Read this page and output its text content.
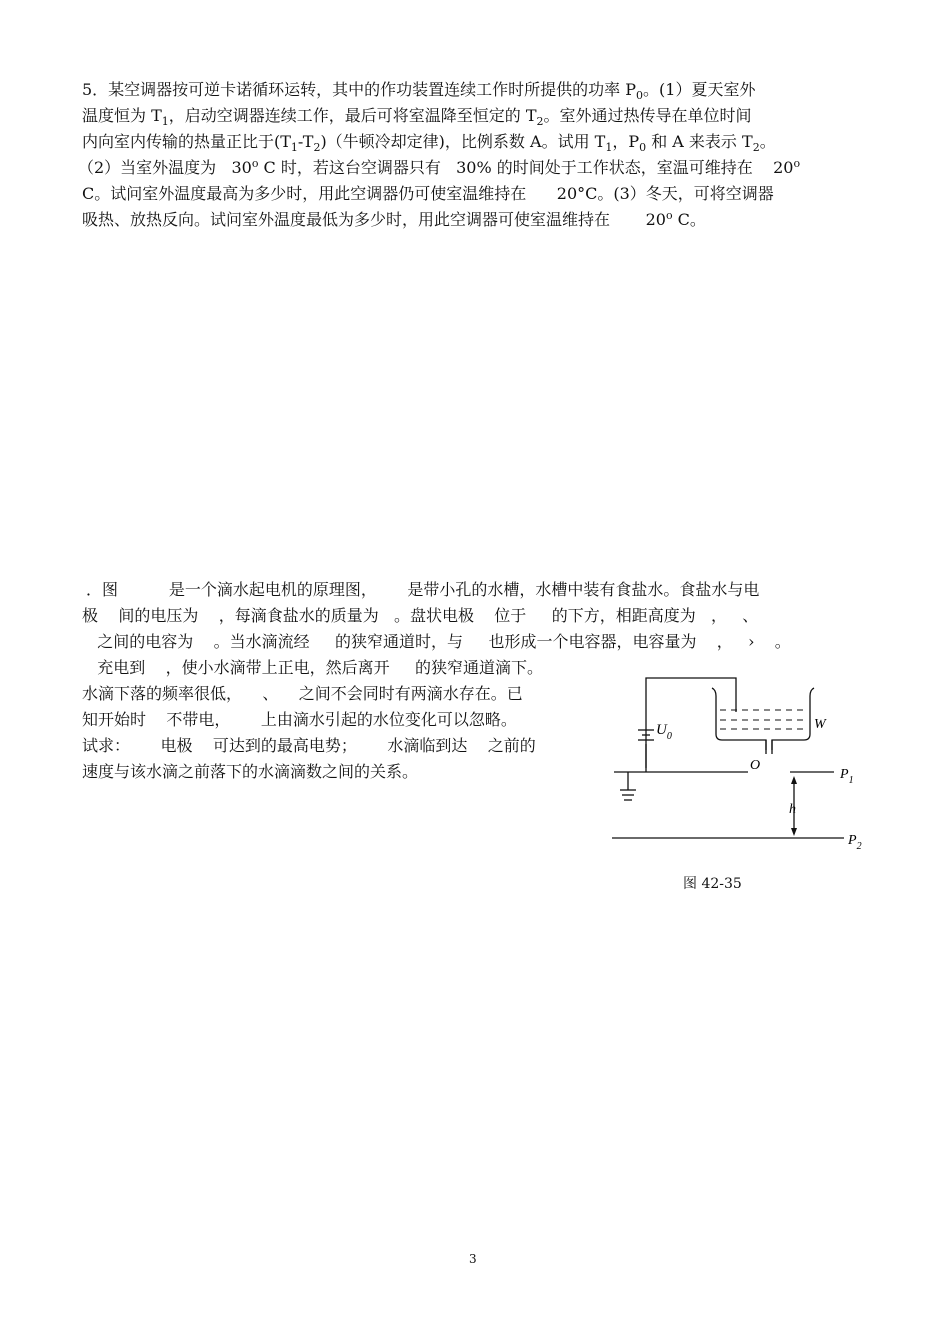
5．某空调器按可逆卡诺循环运转，其中的作功装置连续工作时所提供的功率 $P_0$。(1）夏天室外
温度恒为 $T_1$，启动空调器连续工作，最后可将室温降至恒定的 $T_2$。室外通过热传导在单位时间
内向室内传输的热量正比于$(T_1-T_2)$（牛顿冷却定律)，比例系数 A。试用 $T_1$，$P_0$ 和 A 来表示 $T_2$。
（2）当室外温度为   30$^o$ C 时，若这台空调器只有   30% 的时间处于工作状态，室温可维持在    20$^o$
C。试问室外温度最高为多少时，用此空调器仍可使室温维持在      20°C。(3）冬天，可将空调器
吸热、放热反向。试问室外温度最低为多少时，用此空调器可使室温维持在       20$^o$ C。
．图          是一个滴水起电机的原理图，      是带小孔的水槽，水槽中装有食盐水。食盐水与电
极    间的电压为    ，每滴食盐水的质量为   。盘状电极    位于     的下方，相距高度为   ，   、
之间的电容为    。当水滴流经     的狭窄通道时，与     也形成一个电容器，电容量为    ，   ›    。
充电到    ，使小水滴带上正电，然后离开     的狭窄通道滴下。
水滴下落的频率很低，    、    之间不会同时有两滴水存在。已
知开始时    不带电，      上由滴水引起的水位变化可以忽略。
试求：      电极    可达到的最高电势；      水滴临到达    之前的
速度与该水滴之前落下的水滴滴数之间的关系。
$U_0$
W
O
$P_1$
h
$P_2$
图 42-35
3
